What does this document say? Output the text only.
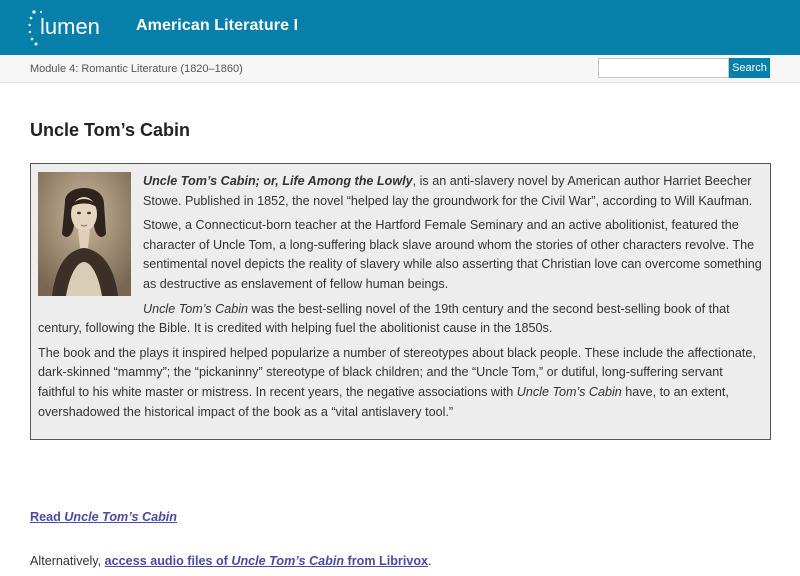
lumen American Literature I
Module 4: Romantic Literature (1820–1860)	Search
Uncle Tom’s Cabin

Uncle Tom’s Cabin; or, Life Among the Lowly, is an anti-slavery novel by American author Harriet Beecher Stowe. Published in 1852, the novel “helped lay the groundwork for the Civil War”, according to Will Kaufman.

Stowe, a Connecticut-born teacher at the Hartford Female Seminary and an active abolitionist, featured the character of Uncle Tom, a long-suffering black slave around whom the stories of other characters revolve. The sentimental novel depicts the reality of slavery while also asserting that Christian love can overcome something as destructive as enslavement of fellow human beings.

Uncle Tom’s Cabin was the best-selling novel of the 19th century and the second best-selling book of that century, following the Bible. It is credited with helping fuel the abolitionist cause in the 1850s.

The book and the plays it inspired helped popularize a number of stereotypes about black people. These include the affectionate, dark-skinned “mammy”; the “pickaninny” stereotype of black children; and the “Uncle Tom,” or dutiful, long-suffering servant faithful to his white master or mistress. In recent years, the negative associations with Uncle Tom’s Cabin have, to an extent, overshadowed the historical impact of the book as a “vital antislavery tool.”

Read Uncle Tom’s Cabin
Alternatively, access audio files of Uncle Tom’s Cabin from Librivox.
